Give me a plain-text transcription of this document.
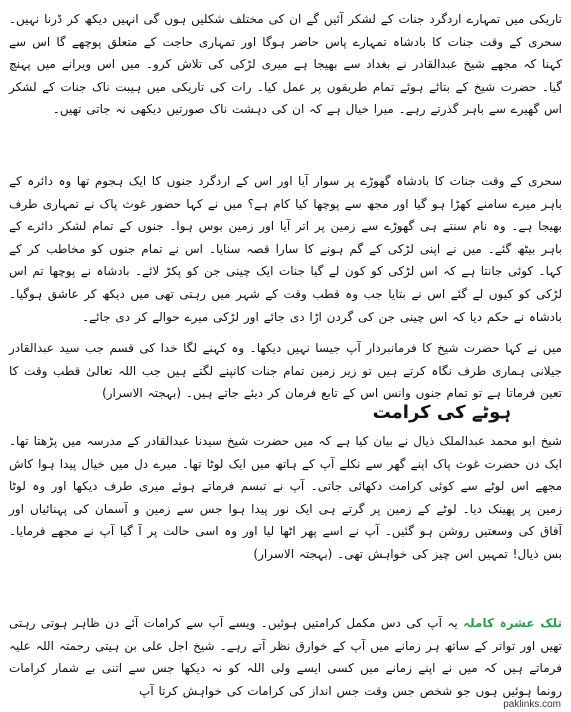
تاریکی میں تمہارے اردگرد جنات کے لشکر آئیں گے ان کی مختلف شکلیں ہوں گی انہیں دیکھ کر ڈرنا نہیں۔ سحری کے وقت جنات کا بادشاہ تمہارے پاس حاضر ہوگا اور تمہاری حاجت کے متعلق پوچھے گا اس سے کہنا کہ مجھے شیخ عبدالقادر نے بغداد سے بھیجا ہے میری لڑکی کی تلاش کرو۔ میں اس ویرانے میں پہنچ گیا۔ حضرت شیخ کے بتائے ہوئے تمام طریقوں پر عمل کیا۔ رات کی تاریکی میں ہیبت ناک جنات کے لشکر اس گھیرے سے باہر گذرتے رہے۔ میرا خیال ہے کہ ان کی دہشت ناک صورتیں دیکھی نہ جاتی تھیں۔

سحری کے وقت جنات کا بادشاہ گھوڑے پر سوار آیا اور اس کے اردگرد جنوں کا ایک ہجوم تھا وہ دائرہ کے باہر میرے سامنے کھڑا ہو گیا اور مجھ سے پوچھا کیا کام ہے؟ میں نے کہا حضور غوث پاک نے تمہاری طرف بھیجا ہے۔ وہ نام سنتے ہی گھوڑے سے زمین پر اتر آیا اور زمین بوس ہوا۔ جنوں کے تمام لشکر دائرے کے باہر بیٹھ گئے۔ میں نے اپنی لڑکی کے گم ہونے کا سارا قصہ سنایا۔ اس نے تمام جنوں کو مخاطب کر کے کہا۔ کوئی جانتا ہے کہ اس لڑکی کو کون لے گیا جنات ایک چینی جن کو پکڑ لائے۔ بادشاہ نے پوچھا تم اس لڑکی کو کیوں لے گئے اس نے بتایا جب وہ قطب وقت کے شہر میں رہتی تھی میں دیکھ کر عاشق ہوگیا۔ بادشاہ نے حکم دیا کہ اس چینی جن کی گردن اڑا دی جائے اور لڑکی میرے حوالے کر دی جائے۔

میں نے کہا حضرت شیخ کا فرمانبردار آپ جیسا نہیں دیکھا۔ وہ کہنے لگا خدا کی قسم جب سید عبدالقادر جیلانی ہماری طرف نگاہ کرتے ہیں تو زیر زمین تمام جنات کانپنے لگتے ہیں جب اللہ تعالیٰ قطب وقت کا تعین فرماتا ہے تو تمام جنوں وانس اس کے تابع فرمان کر دیئے جاتے ہیں۔ (بہجتہ الاسرار)

ہوٹے کی کرامت

شیخ ابو محمد عبدالملک ذیال نے بیان کیا ہے کہ میں حضرت شیخ سیدنا عبدالقادر کے مدرسہ میں پڑھتا تھا۔ ایک دن حضرت غوث پاک اپنے گھر سے نکلے آپ کے ہاتھ میں ایک لوٹا تھا۔ میرے دل میں خیال پیدا ہوا کاش مجھے اس لوٹے سے کوئی کرامت دکھائی جاتی۔ آپ نے تبسم فرماتے ہوئے میری طرف دیکھا اور وہ لوٹا زمین پر پھینک دیا۔ لوٹے کے زمین پر گرتے ہی ایک نور پیدا ہوا جس سے زمین و آسمان کی پہنائیاں اور آفاق کی وسعتیں روشن ہو گئیں۔ آپ نے اسے پھر اٹھا لیا اور وہ اسی حالت پر آ گیا آپ نے مجھے فرمایا۔ بس ذیال! تمہیں اس چیز کی خواہش تھی۔ (بہجتہ الاسرار)

تلک عشرہ کاملہ یہ آپ کی دس مکمل کرامتیں ہوئیں۔ ویسے آپ سے کرامات آئے دن ظاہر ہوتی رہتی تھیں اور تواتر کے ساتھ ہر زمانے میں آپ کے خوارق نظر آتے رہے۔ شیخ اجل علی بن ہیتی رحمتہ اللہ علیہ فرماتے ہیں کہ میں نے اپنے زمانے میں کسی ایسے ولی اللہ کو نہ دیکھا جس سے اتنی بے شمار کرامات رونما ہوئیں ہوں جو شخص جس وقت جس انداز کی کرامات کی خواہش کرتا آپ

paklinks.com
